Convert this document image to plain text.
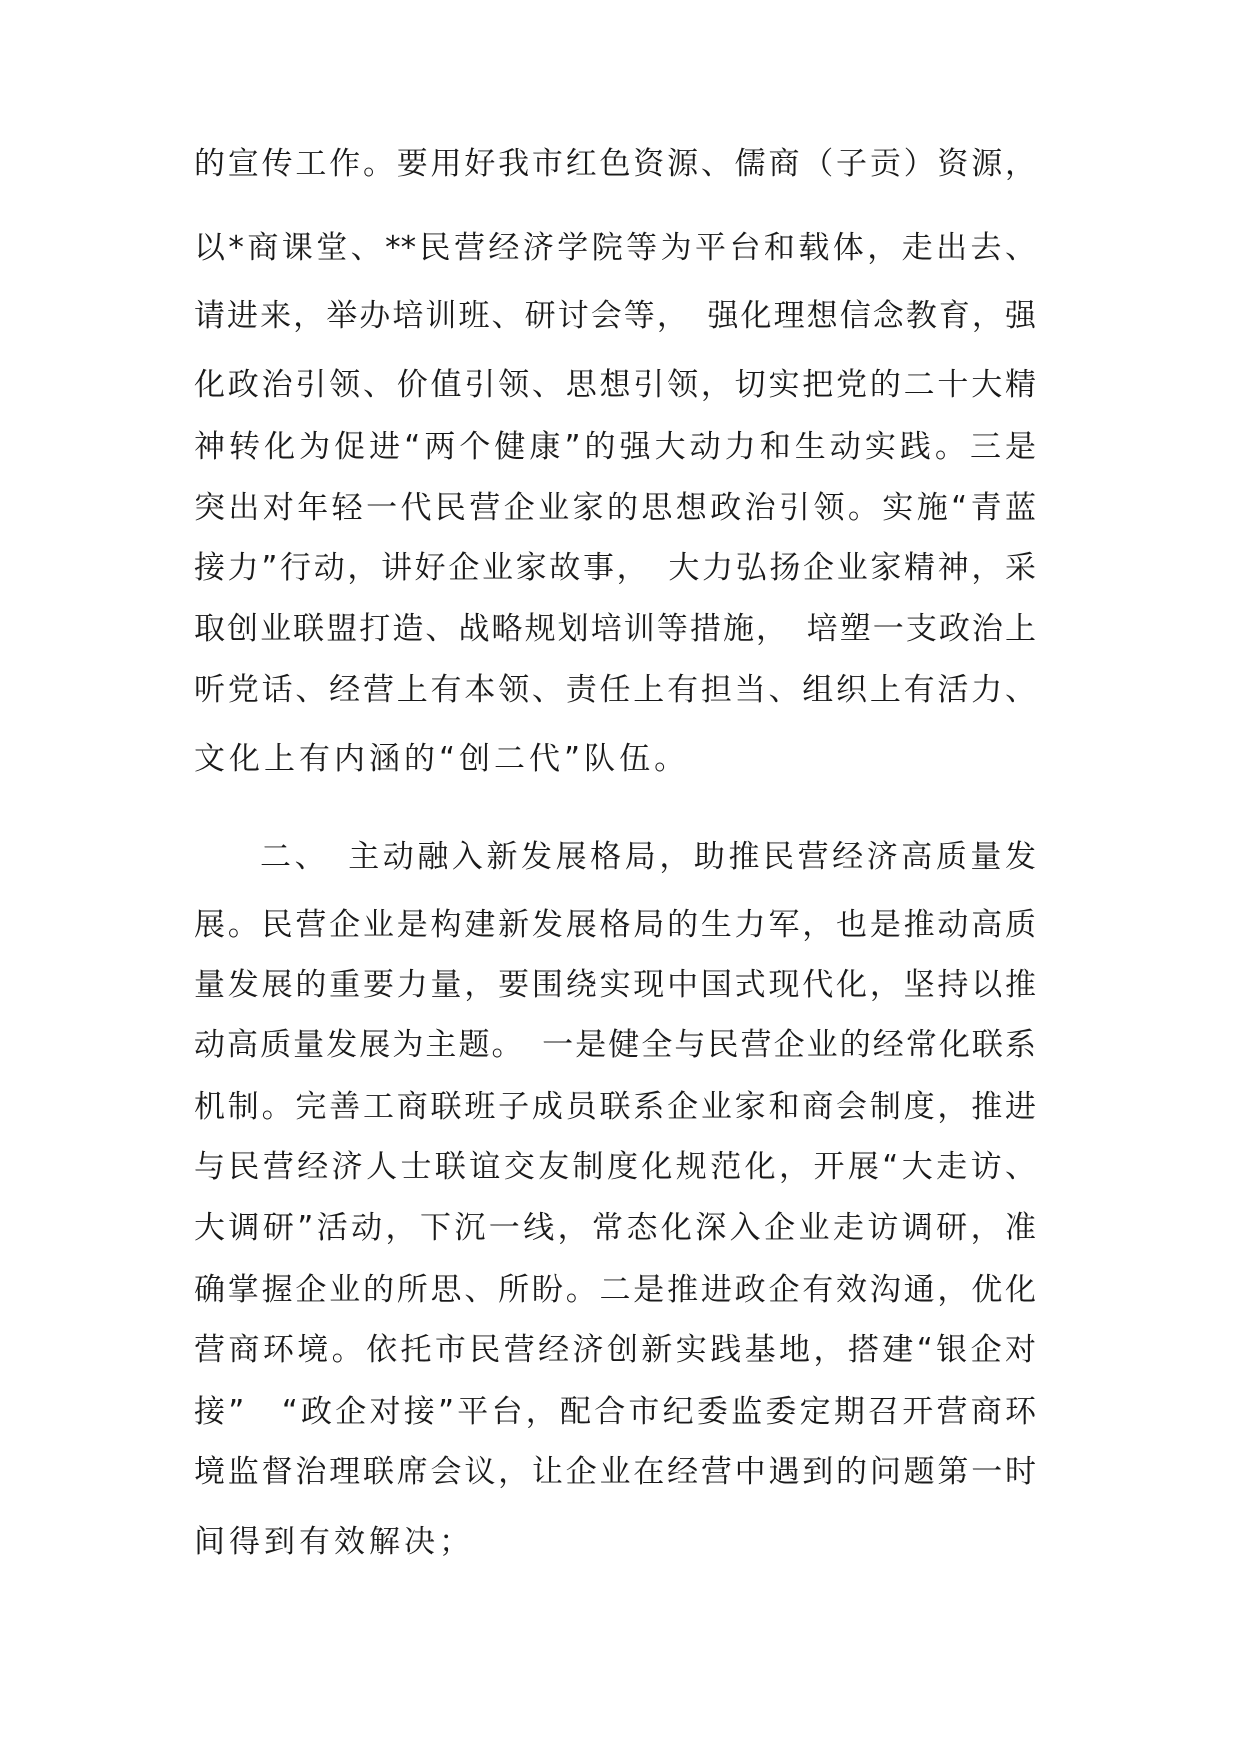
的宣传工作。要用好我市红色资源、儒商（子贡）资源，

以*商课堂、**民营经济学院等为平台和载体，走出去、

请进来，举办培训班、研讨会等，　强化理想信念教育，强

化政治引领、价值引领、思想引领，切实把党的二十大精

神转化为促进“两个健康”的强大动力和生动实践。三是

突出对年轻一代民营企业家的思想政治引领。实施“青蓝

接力”行动，讲好企业家故事，　大力弘扬企业家精神，采

取创业联盟打造、战略规划培训等措施，　培塑一支政治上

听党话、经营上有本领、责任上有担当、组织上有活力、

文化上有内涵的“创二代”队伍。

二、　主动融入新发展格局，助推民营经济高质量发

展。民营企业是构建新发展格局的生力军，也是推动高质

量发展的重要力量，要围绕实现中国式现代化，坚持以推

动高质量发展为主题。　一是健全与民营企业的经常化联系

机制。完善工商联班子成员联系企业家和商会制度，推进

与民营经济人士联谊交友制度化规范化，开展“大走访、

大调研”活动，下沉一线，常态化深入企业走访调研，准

确掌握企业的所思、所盼。二是推进政企有效沟通，优化

营商环境。依托市民营经济创新实践基地，搭建“银企对

接”　“政企对接”平台，配合市纪委监委定期召开营商环

境监督治理联席会议，让企业在经营中遇到的问题第一时

间得到有效解决；
